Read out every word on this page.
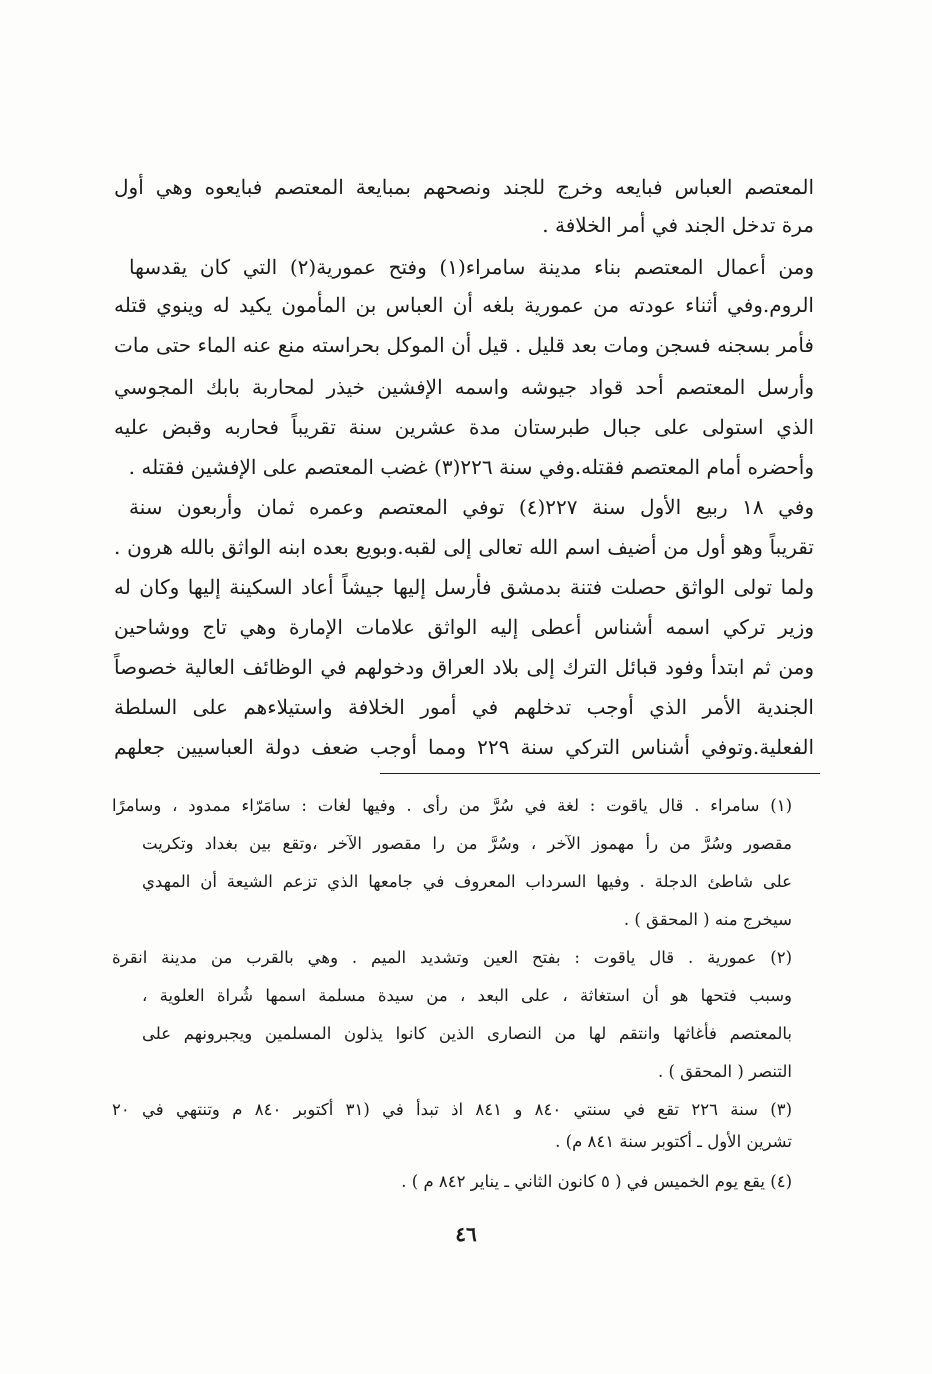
المعتصم العباس فبايعه وخرج للجند ونصحهم بمبايعة المعتصم فبايعوه وهي أول

مرة تدخل الجند في أمر الخلافة .

ومن أعمال المعتصم بناء مدينة سامراء(١) وفتح عمورية(٢) التي كان يقدسها

الروم.وفي أثناء عودته من عمورية بلغه أن العباس بن المأمون يكيد له وينوي قتله

فأمر بسجنه فسجن ومات بعد قليل . قيل أن الموكل بحراسته منع عنه الماء حتى مات

وأرسل المعتصم أحد قواد جيوشه واسمه الإفشين خيذر لمحاربة بابك المجوسي

الذي استولى على جبال طبرستان مدة عشرين سنة تقريباً فحاربه وقبض عليه

وأحضره أمام المعتصم فقتله.وفي سنة ٢٢٦(٣) غضب المعتصم على الإفشين فقتله .

وفي ١٨ ربيع الأول سنة ٢٢٧(٤) توفي المعتصم وعمره ثمان وأربعون سنة

تقريباً وهو أول من أضيف اسم الله تعالى إلى لقبه.وبويع بعده ابنه الواثق بالله هرون .

ولما تولى الواثق حصلت فتنة بدمشق فأرسل إليها جيشاً أعاد السكينة إليها وكان له

وزير تركي اسمه أشناس أعطى إليه الواثق علامات الإمارة وهي تاج ووشاحين

ومن ثم ابتدأ وفود قبائل الترك إلى بلاد العراق ودخولهم في الوظائف العالية خصوصاً

الجندية الأمر الذي أوجب تدخلهم في أمور الخلافة واستيلاءهم على السلطة

الفعلية.وتوفي أشناس التركي سنة ٢٢٩ ومما أوجب ضعف دولة العباسيين جعلهم

(١) سامراء . قال ياقوت : لغة في سُرَّ من رأى . وفيها لغات : سامَرّاء ممدود ، وسامرًا

مقصور وسُرَّ من رأ مهموز الآخر ، وسُرَّ من را مقصور الآخر ،وتقع بين بغداد وتكريت

على شاطئ الدجلة . وفيها السرداب المعروف في جامعها الذي تزعم الشيعة أن المهدي

سيخرج منه ( المحقق ) .

(٢) عمورية . قال ياقوت : بفتح العين وتشديد الميم . وهي بالقرب من مدينة انقرة

وسبب فتحها هو أن استغاثة ، على البعد ، من سيدة مسلمة اسمها شُراة العلوية ،

بالمعتصم فأغاثها وانتقم لها من النصارى الذين كانوا يذلون المسلمين ويجبرونهم على

التنصر ( المحقق ) .

(٣) سنة ٢٢٦ تقع في سنتي ٨٤٠ و ٨٤١ اذ تبدأ في (٣١ أكتوبر ٨٤٠ م وتنتهي في ٢٠

تشرين الأول ـ أكتوبر سنة ٨٤١ م) .

(٤) يقع يوم الخميس في ( ٥ كانون الثاني ـ يناير ٨٤٢ م ) .

٤٦
